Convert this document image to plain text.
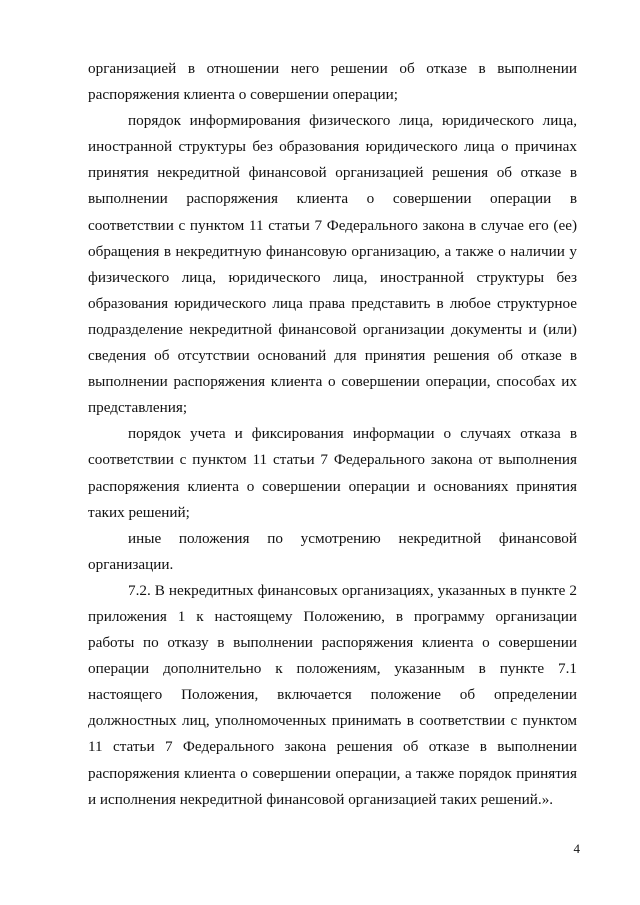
организацией в отношении него решении об отказе в выполнении распоряжения клиента о совершении операции;

порядок информирования физического лица, юридического лица, иностранной структуры без образования юридического лица о причинах принятия некредитной финансовой организацией решения об отказе в выполнении распоряжения клиента о совершении операции в соответствии с пунктом 11 статьи 7 Федерального закона в случае его (ее) обращения в некредитную финансовую организацию, а также о наличии у физического лица, юридического лица, иностранной структуры без образования юридического лица права представить в любое структурное подразделение некредитной финансовой организации документы и (или) сведения об отсутствии оснований для принятия решения об отказе в выполнении распоряжения клиента о совершении операции, способах их представления;

порядок учета и фиксирования информации о случаях отказа в соответствии с пунктом 11 статьи 7 Федерального закона от выполнения распоряжения клиента о совершении операции и основаниях принятия таких решений;

иные положения по усмотрению некредитной финансовой организации.

7.2. В некредитных финансовых организациях, указанных в пункте 2 приложения 1 к настоящему Положению, в программу организации работы по отказу в выполнении распоряжения клиента о совершении операции дополнительно к положениям, указанным в пункте 7.1 настоящего Положения, включается положение об определении должностных лиц, уполномоченных принимать в соответствии с пунктом 11 статьи 7 Федерального закона решения об отказе в выполнении распоряжения клиента о совершении операции, а также порядок принятия и исполнения некредитной финансовой организацией таких решений.».

4
